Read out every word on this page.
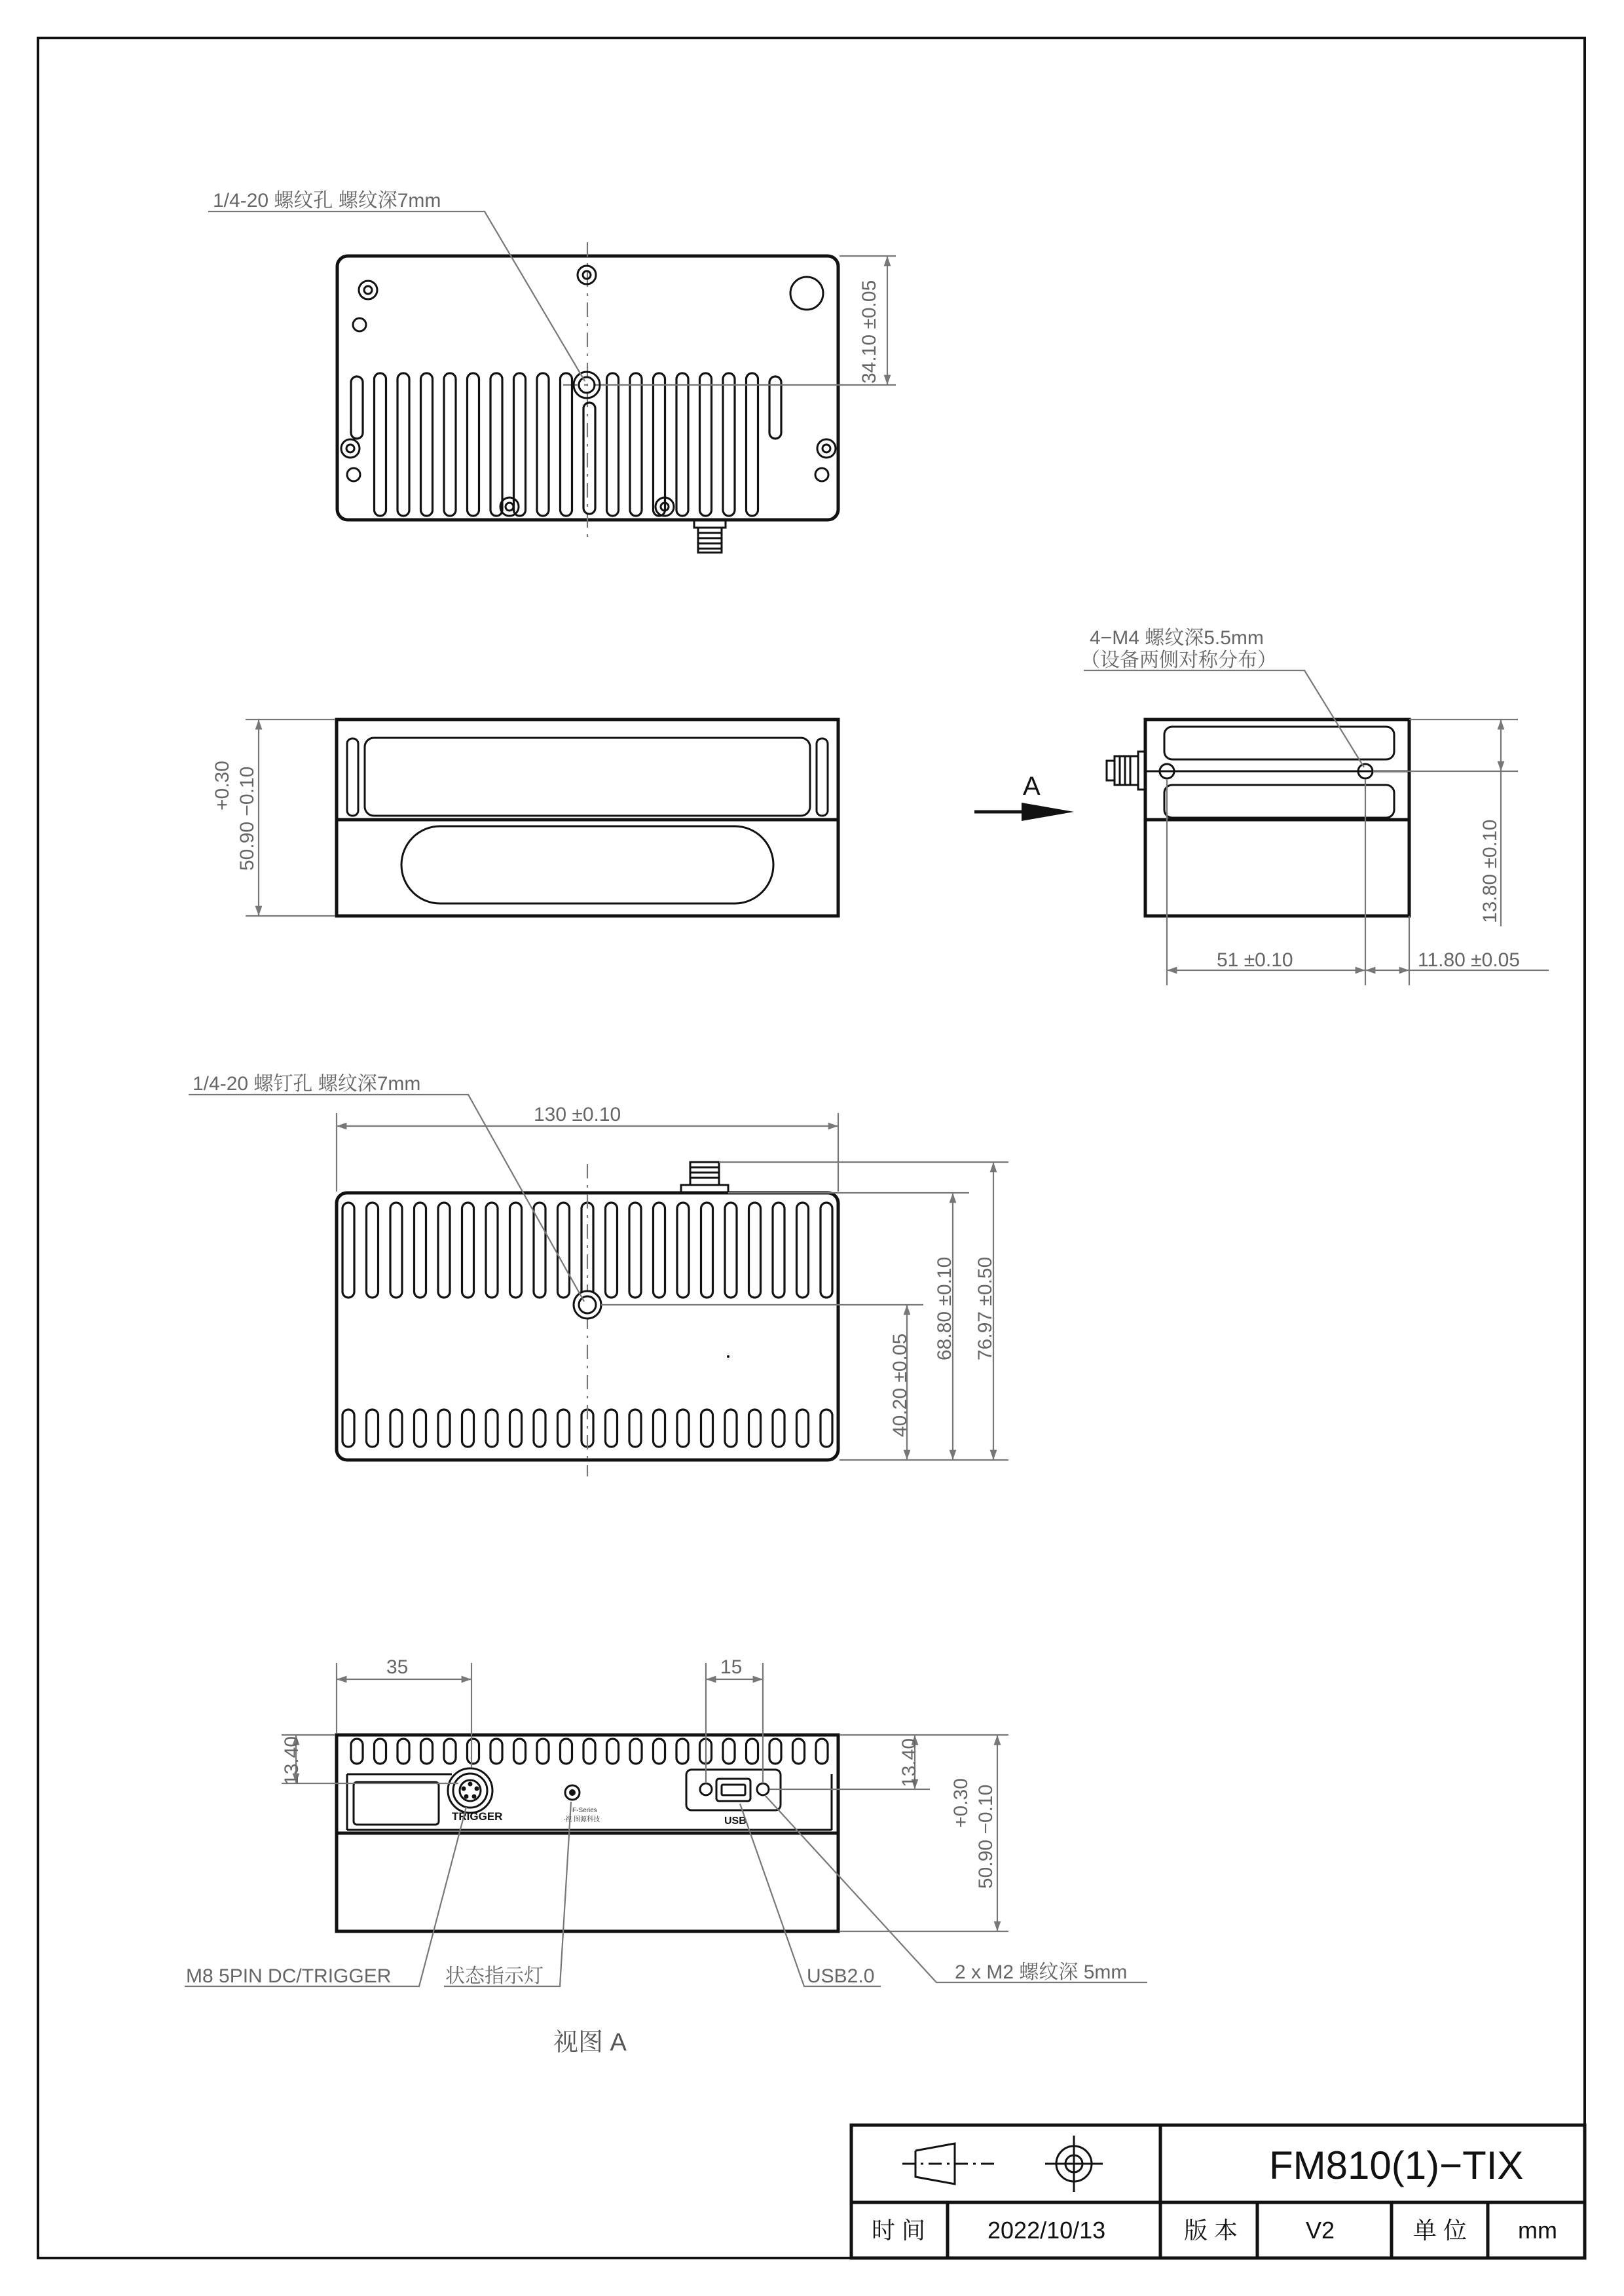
1/4-20 螺纹孔 螺纹深7mm
34.10 ±0.05
+0.30 50.90 −0.10	A
4−M4 螺纹深5.5mm
（设备两侧对称分布）
13.80 ±0.10
51 ±0.10	11.80 ±0.05
1/4-20 螺钉孔 螺纹深7mm
130 ±0.10
40.20 ±0.05
68.80 ±0.10 76.97 ±0.50
TRIGGER	F-Series
·视 图源科技	USB
35	15
13.40	13.40
+0.30 50.90 −0.10
M8 5PIN DC/TRIGGER	状态指示灯	USB2.0	2 x M2 螺纹深 5mm
视图 A
FM810(1)−TIX
时 间	2022/10/13	版 本	V2	单 位 mm
